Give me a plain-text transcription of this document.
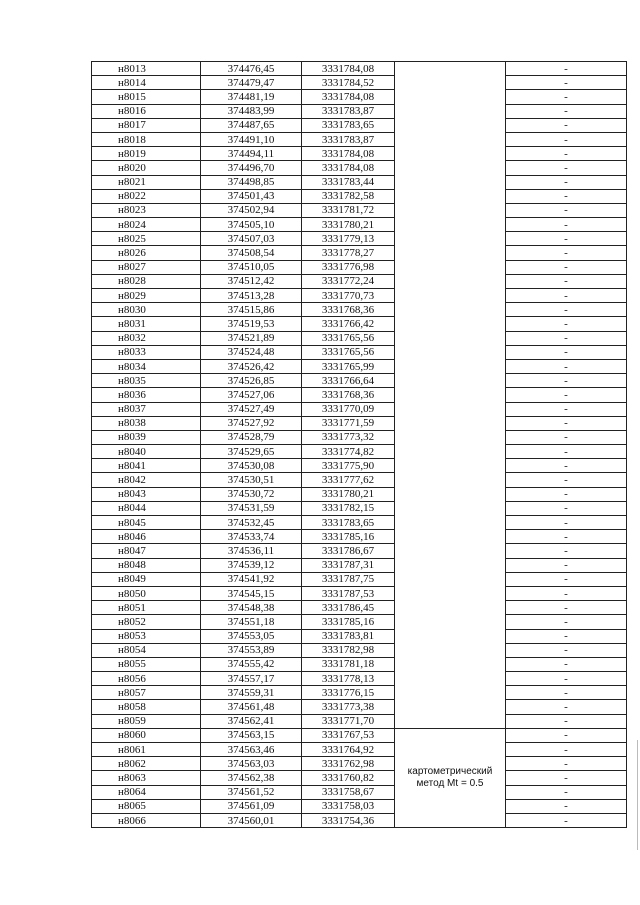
н8013	374476,45	3331784,08		-
н8014	374479,47	3331784,52		-
н8015	374481,19	3331784,08		-
н8016	374483,99	3331783,87		-
н8017	374487,65	3331783,65		-
н8018	374491,10	3331783,87		-
н8019	374494,11	3331784,08		-
н8020	374496,70	3331784,08		-
н8021	374498,85	3331783,44		-
н8022	374501,43	3331782,58		-
н8023	374502,94	3331781,72		-
н8024	374505,10	3331780,21		-
н8025	374507,03	3331779,13		-
н8026	374508,54	3331778,27		-
н8027	374510,05	3331776,98		-
н8028	374512,42	3331772,24		-
н8029	374513,28	3331770,73		-
н8030	374515,86	3331768,36		-
н8031	374519,53	3331766,42		-
н8032	374521,89	3331765,56		-
н8033	374524,48	3331765,56		-
н8034	374526,42	3331765,99		-
н8035	374526,85	3331766,64		-
н8036	374527,06	3331768,36		-
н8037	374527,49	3331770,09		-
н8038	374527,92	3331771,59		-
н8039	374528,79	3331773,32		-
н8040	374529,65	3331774,82		-
н8041	374530,08	3331775,90		-
н8042	374530,51	3331777,62		-
н8043	374530,72	3331780,21		-
н8044	374531,59	3331782,15		-
н8045	374532,45	3331783,65		-
н8046	374533,74	3331785,16		-
н8047	374536,11	3331786,67		-
н8048	374539,12	3331787,31		-
н8049	374541,92	3331787,75		-
н8050	374545,15	3331787,53		-
н8051	374548,38	3331786,45		-
н8052	374551,18	3331785,16		-
н8053	374553,05	3331783,81		-
н8054	374553,89	3331782,98		-
н8055	374555,42	3331781,18		-
н8056	374557,17	3331778,13		-
н8057	374559,31	3331776,15		-
н8058	374561,48	3331773,38		-
н8059	374562,41	3331771,70		-
н8060	374563,15	3331767,53	картометрический метод Mt = 0.5	-
н8061	374563,46	3331764,92		-
н8062	374563,03	3331762,98		-
н8063	374562,38	3331760,82		-
н8064	374561,52	3331758,67		-
н8065	374561,09	3331758,03		-
н8066	374560,01	3331754,36		-
